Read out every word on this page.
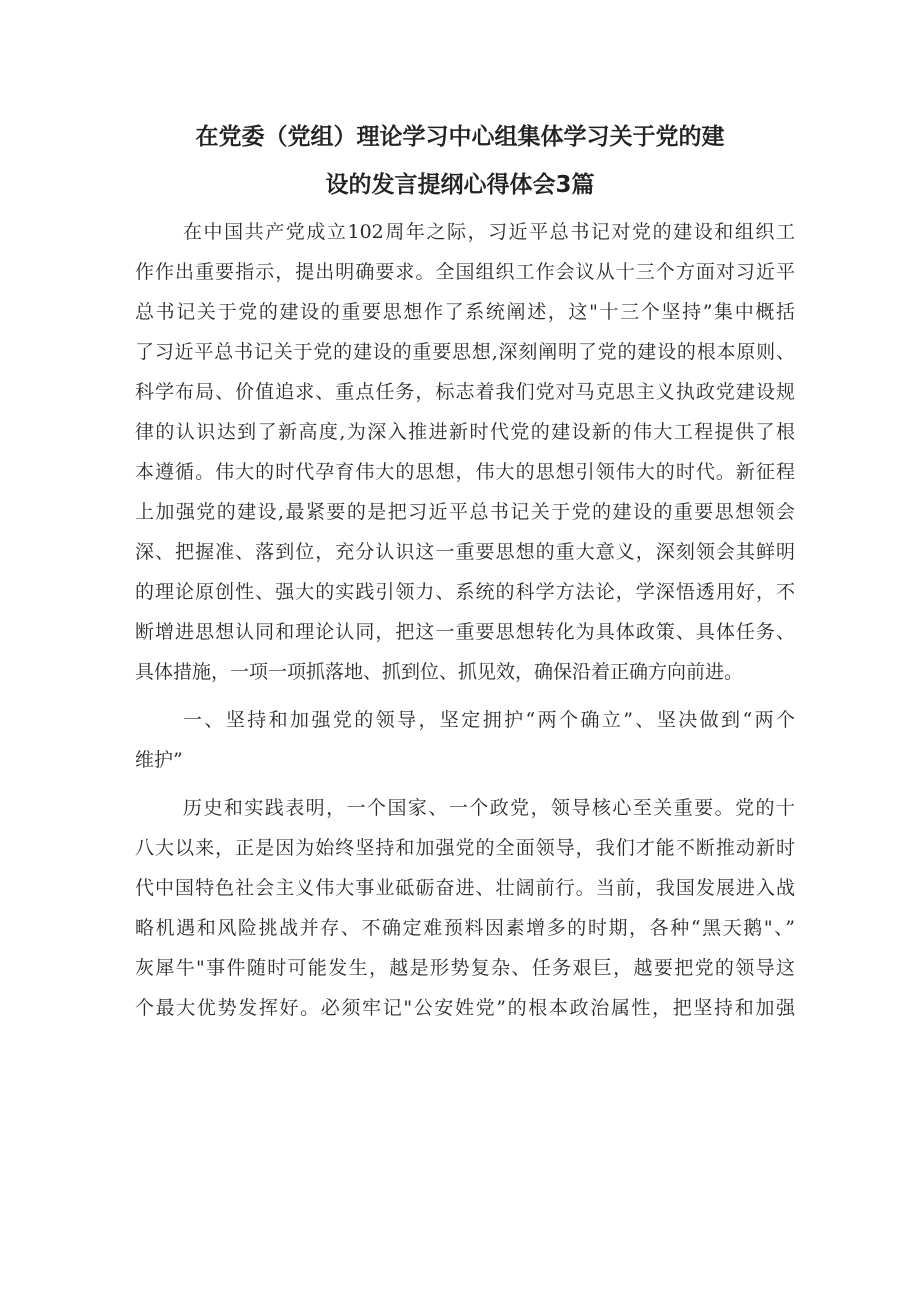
在党委（党组）理论学习中心组集体学习关于党的建
设的发言提纲心得体会3篇
在中国共产党成立102周年之际，习近平总书记对党的建设和组织工
作作出重要指示，提出明确要求。全国组织工作会议从十三个方面对习近平
总书记关于党的建设的重要思想作了系统阐述，这"十三个坚持”集中概括
了习近平总书记关于党的建设的重要思想,深刻阐明了党的建设的根本原则、
科学布局、价值追求、重点任务，标志着我们党对马克思主义执政党建设规
律的认识达到了新高度,为深入推进新时代党的建设新的伟大工程提供了根
本遵循。伟大的时代孕育伟大的思想，伟大的思想引领伟大的时代。新征程
上加强党的建设,最紧要的是把习近平总书记关于党的建设的重要思想领会
深、把握准、落到位，充分认识这一重要思想的重大意义，深刻领会其鲜明
的理论原创性、强大的实践引领力、系统的科学方法论，学深悟透用好，不
断增进思想认同和理论认同，把这一重要思想转化为具体政策、具体任务、
具体措施，一项一项抓落地、抓到位、抓见效，确保沿着正确方向前进。
一、坚持和加强党的领导，坚定拥护“两个确立”、坚决做到“两个
维护”
历史和实践表明，一个国家、一个政党，领导核心至关重要。党的十
八大以来，正是因为始终坚持和加强党的全面领导，我们才能不断推动新时
代中国特色社会主义伟大事业砥砺奋进、壮阔前行。当前，我国发展进入战
略机遇和风险挑战并存、不确定难预料因素增多的时期，各种“黑天鹅"、”
灰犀牛"事件随时可能发生，越是形势复杂、任务艰巨，越要把党的领导这
个最大优势发挥好。必须牢记"公安姓党”的根本政治属性，把坚持和加强
